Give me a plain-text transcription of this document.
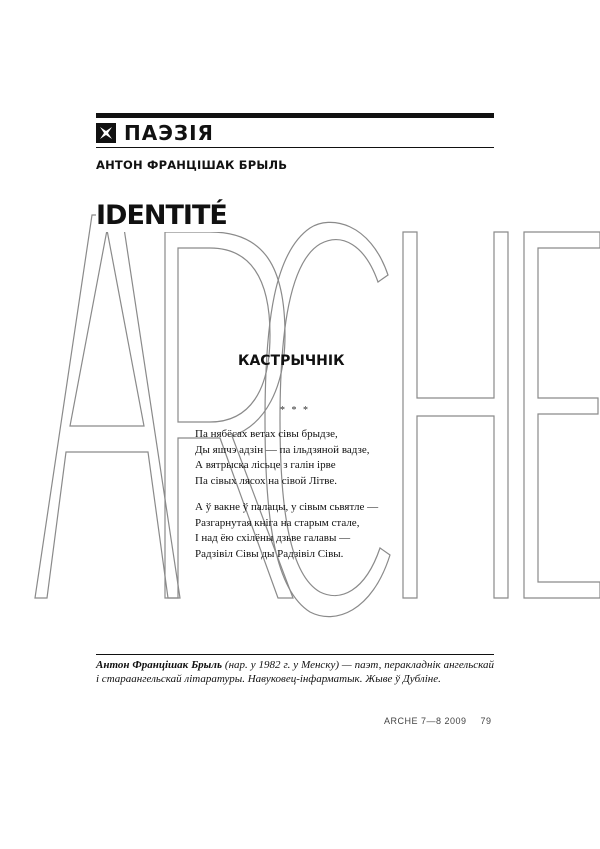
ПАЭЗІЯ
АНТОН ФРАНЦІШАК БРЫЛЬ
IDENTITÉ
КАСТРЫЧНІК
* * *
Па нябёсах ветах сівы брыдзе,
Ды яшчэ адзін — па ільдзяной вадзе,
А вятрыска лісьце з галін ірве
Па сівых лясох на сівой Літве.
А ў вакне ў палацы, у сівым сьвятле —
Разгарнутая кніга на старым стале,
І над ёю схілёны дзьве галавы —
Радзівіл Сівы ды Радзівіл Сівы.
Антон Францішак Брыль (нар. у 1982 г. у Менску) — паэт, перакладнік ангельскай і стараангельскай літаратуры. Навуковец-інфарматык. Жыве ў Дубліне.
ARCHE 7—8 2009 79
